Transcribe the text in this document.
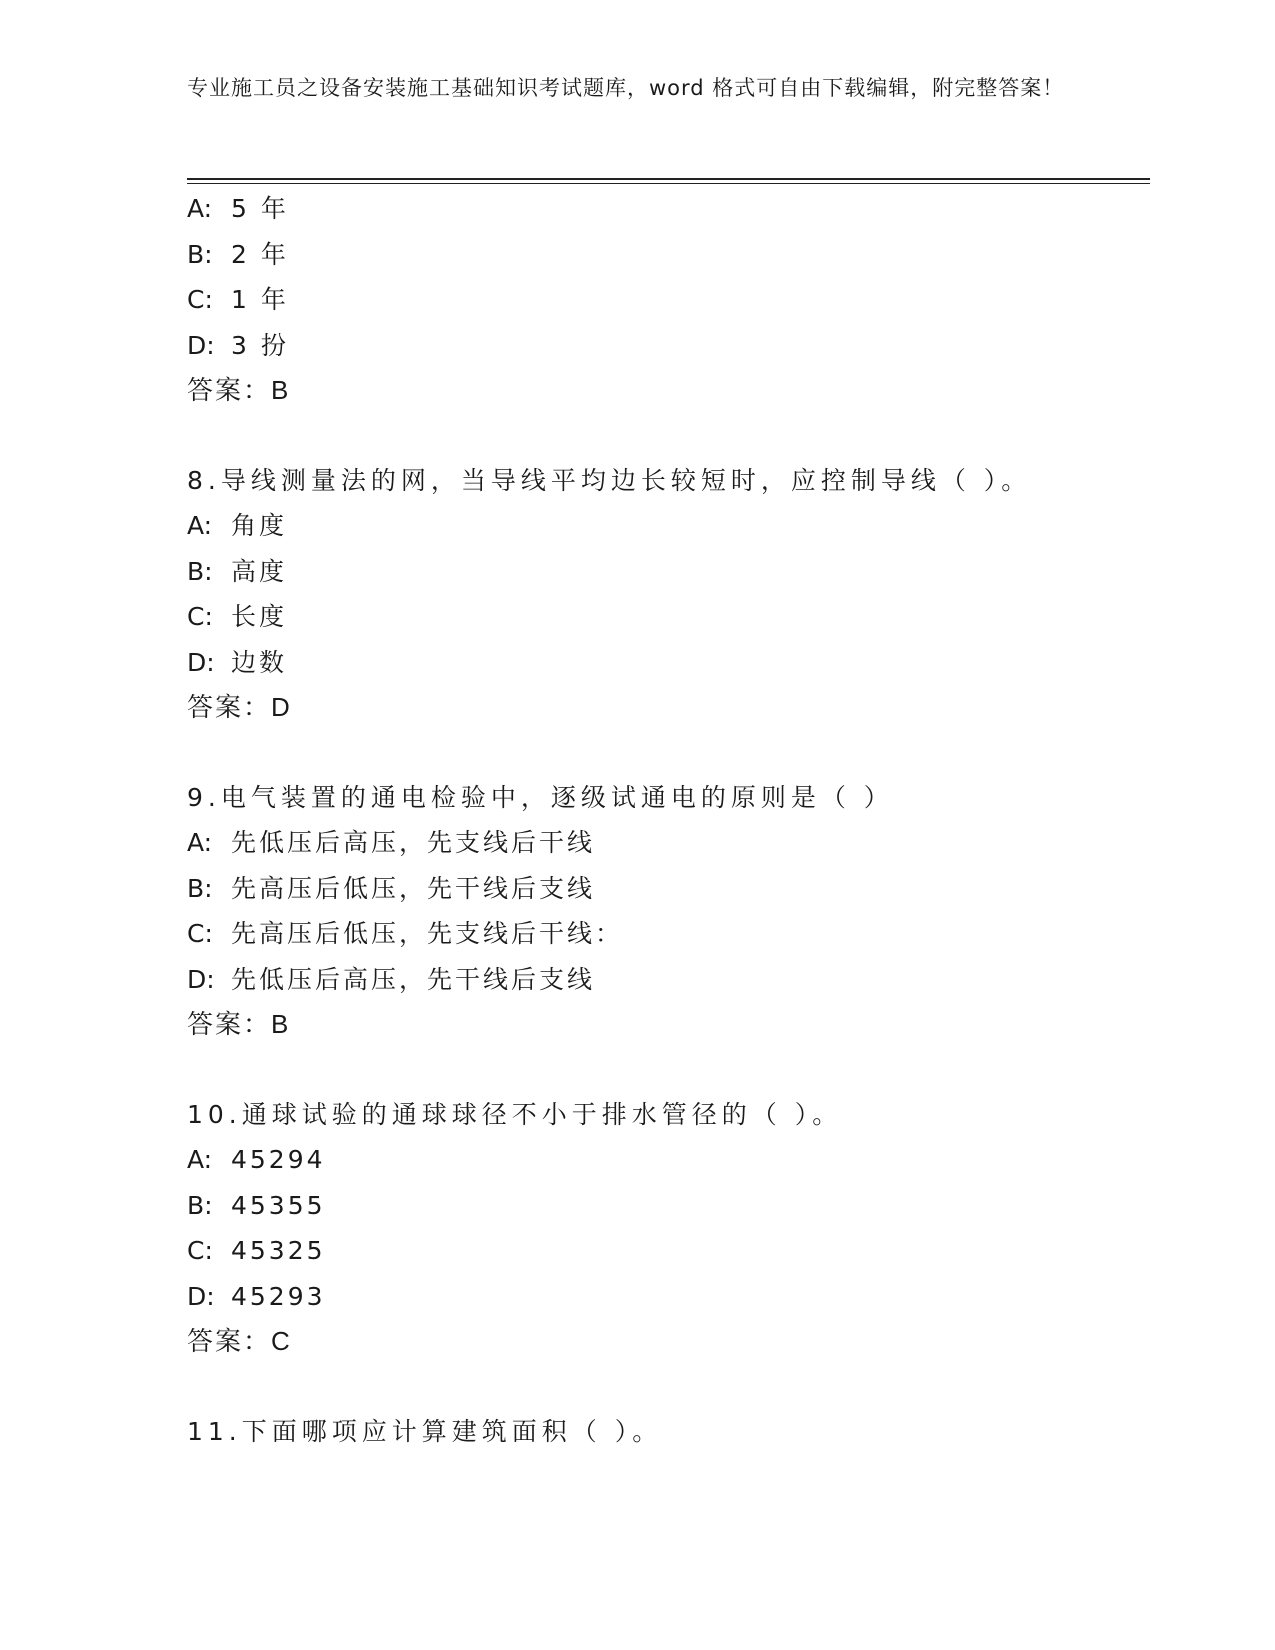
专业施工员之设备安装施工基础知识考试题库，word 格式可自由下载编辑，附完整答案！
A: 5 年
B: 2 年
C: 1 年
D: 3 扮
答案：B
8.导线测量法的网，当导线平均边长较短时，应控制导线（ ）。
A: 角度
B: 高度
C: 长度
D: 边数
答案：D
9.电气装置的通电检验中，逐级试通电的原则是（ ）
A: 先低压后高压，先支线后干线
B: 先高压后低压，先干线后支线
C: 先高压后低压，先支线后干线：
D: 先低压后高压，先干线后支线
答案：B
10.通球试验的通球球径不小于排水管径的（ ）。
A: 45294
B: 45355
C: 45325
D: 45293
答案：C
11.下面哪项应计算建筑面积（ ）。
